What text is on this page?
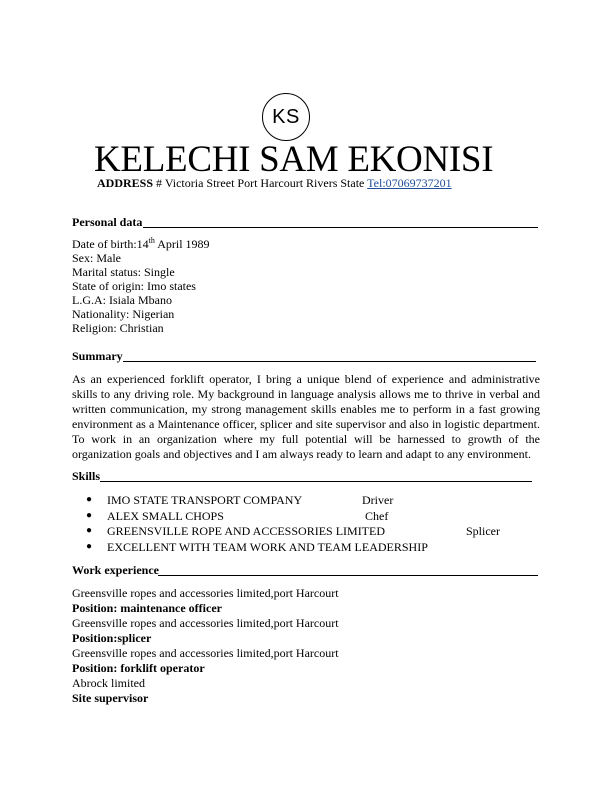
KS
KELECHI SAM EKONISI
ADDRESS # Victoria Street Port Harcourt Rivers State Tel:07069737201
Personal data
Date of birth:14th April 1989
Sex: Male
Marital status: Single
State of origin: Imo states
L.G.A: Isiala Mbano
Nationality: Nigerian
Religion: Christian
Summary
As an experienced forklift operator, I bring a unique blend of experience and administrative skills to any driving role. My background in language analysis allows me to thrive in verbal and written communication, my strong management skills enables me to perform in a fast growing environment as a Maintenance officer, splicer and site supervisor and also in logistic department. To work in an organization where my full potential will be harnessed to growth of the organization goals and objectives and I am always ready to learn and adapt to any environment.
Skills
● IMO STATE TRANSPORT COMPANY	Driver
● ALEX SMALL CHOPS	Chef
● GREENSVILLE ROPE AND ACCESSORIES LIMITED	Splicer
● EXCELLENT WITH TEAM WORK AND TEAM LEADERSHIP
Work experience
Greensville ropes and accessories limited,port Harcourt
Position: maintenance officer
Greensville ropes and accessories limited,port Harcourt
Position:splicer
Greensville ropes and accessories limited,port Harcourt
Position: forklift operator
Abrock limited
Site supervisor
